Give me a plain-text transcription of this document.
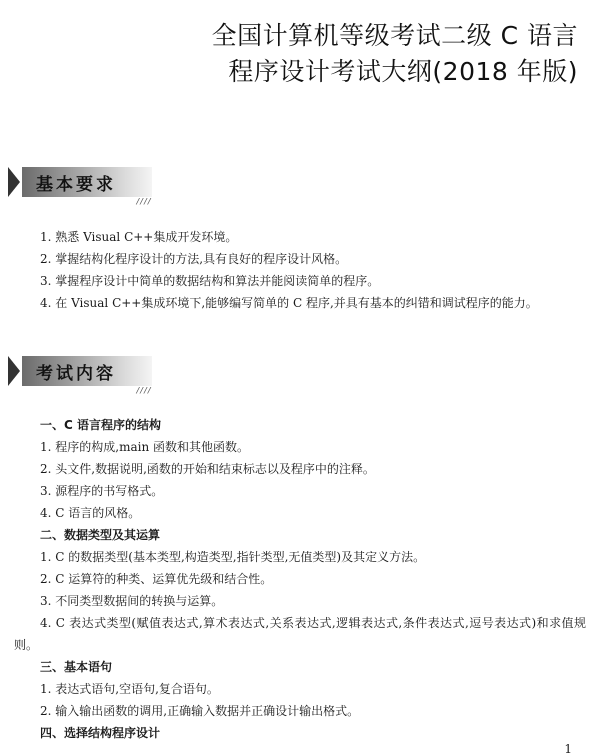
全国计算机等级考试二级 C 语言
程序设计考试大纲(2018 年版)
基本要求
////

1. 熟悉 Visual C++集成开发环境。

2. 掌握结构化程序设计的方法,具有良好的程序设计风格。

3. 掌握程序设计中简单的数据结构和算法并能阅读简单的程序。

4. 在 Visual C++集成环境下,能够编写简单的 C 程序,并具有基本的纠错和调试程序的能力。

考试内容
////

一、C 语言程序的结构

1. 程序的构成,main 函数和其他函数。

2. 头文件,数据说明,函数的开始和结束标志以及程序中的注释。

3. 源程序的书写格式。

4. C 语言的风格。

二、数据类型及其运算

1. C 的数据类型(基本类型,构造类型,指针类型,无值类型)及其定义方法。

2. C 运算符的种类、运算优先级和结合性。

3. 不同类型数据间的转换与运算。

4. C 表达式类型(赋值表达式,算术表达式,关系表达式,逻辑表达式,条件表达式,逗号表达式)和求值规则。

三、基本语句

1. 表达式语句,空语句,复合语句。

2. 输入输出函数的调用,正确输入数据并正确设计输出格式。

四、选择结构程序设计

1
